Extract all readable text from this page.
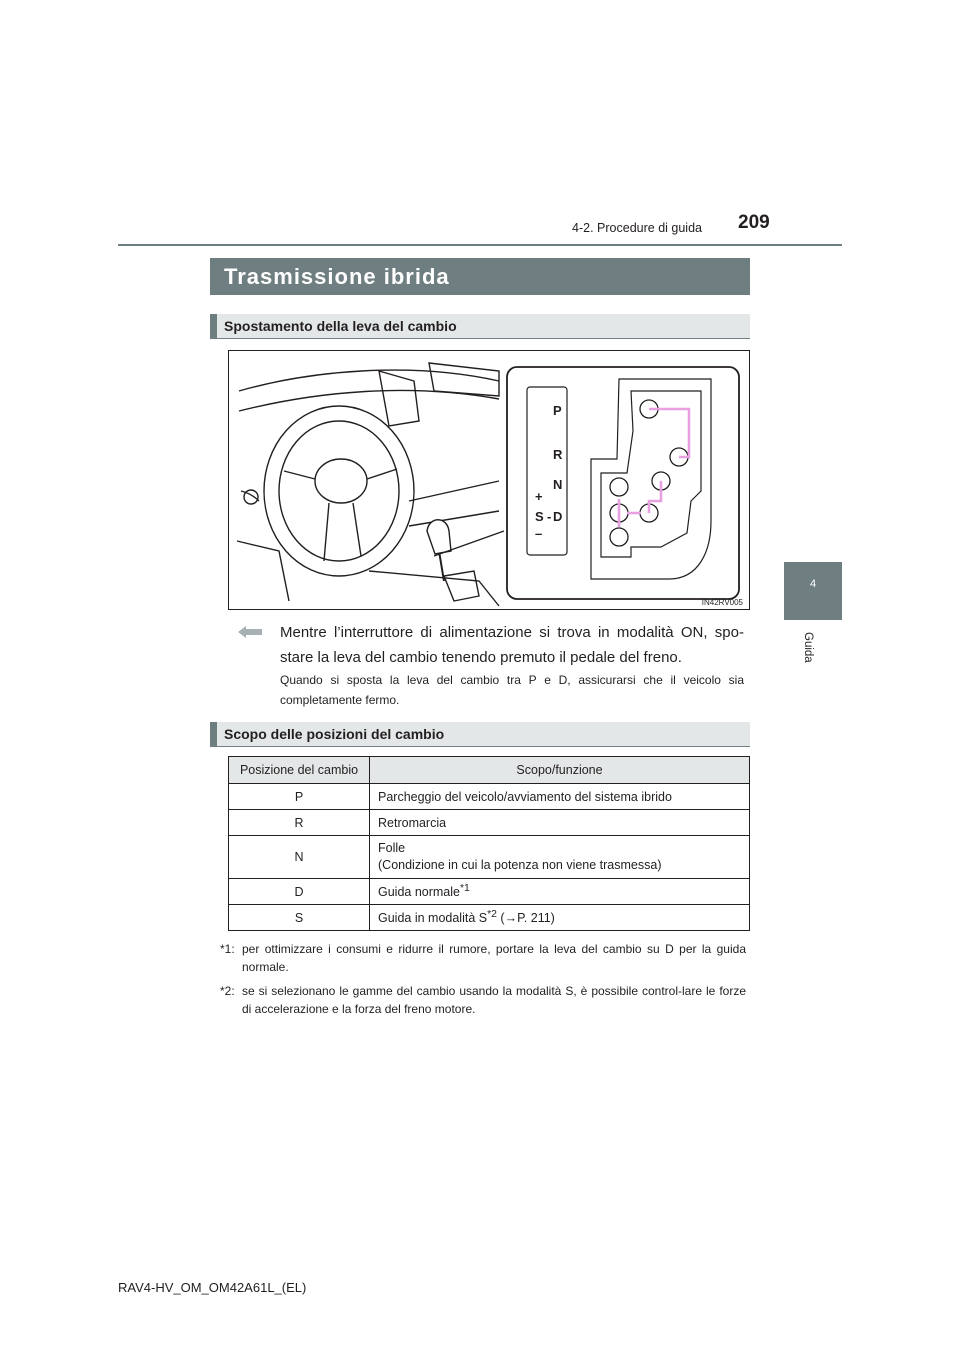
209
4-2. Procedure di guida
4
Guida
Trasmissione ibrida
Spostamento della leva del cambio
P
R
N
+
S - D
–
IN42RV005
Mentre l’interruttore di alimentazione si trova in modalità ON, spo-stare la leva del cambio tenendo premuto il pedale del freno.
Quando si sposta la leva del cambio tra P e D, assicurarsi che il veicolo sia completamente fermo.
Scopo delle posizioni del cambio
Posizione del cambio	Scopo/funzione
P	Parcheggio del veicolo/avviamento del sistema ibrido
R	Retromarcia
N	Folle
(Condizione in cui la potenza non viene trasmessa)
D	Guida normale$^{*1}$
S	Guida in modalità $S^{*2}$ (→P. 211)
*1: per ottimizzare i consumi e ridurre il rumore, portare la leva del cambio su D per la guida normale.
*2: se si selezionano le gamme del cambio usando la modalità S, è possibile control-lare le forze di accelerazione e la forza del freno motore.
RAV4-HV_OM_OM42A61L_(EL)
